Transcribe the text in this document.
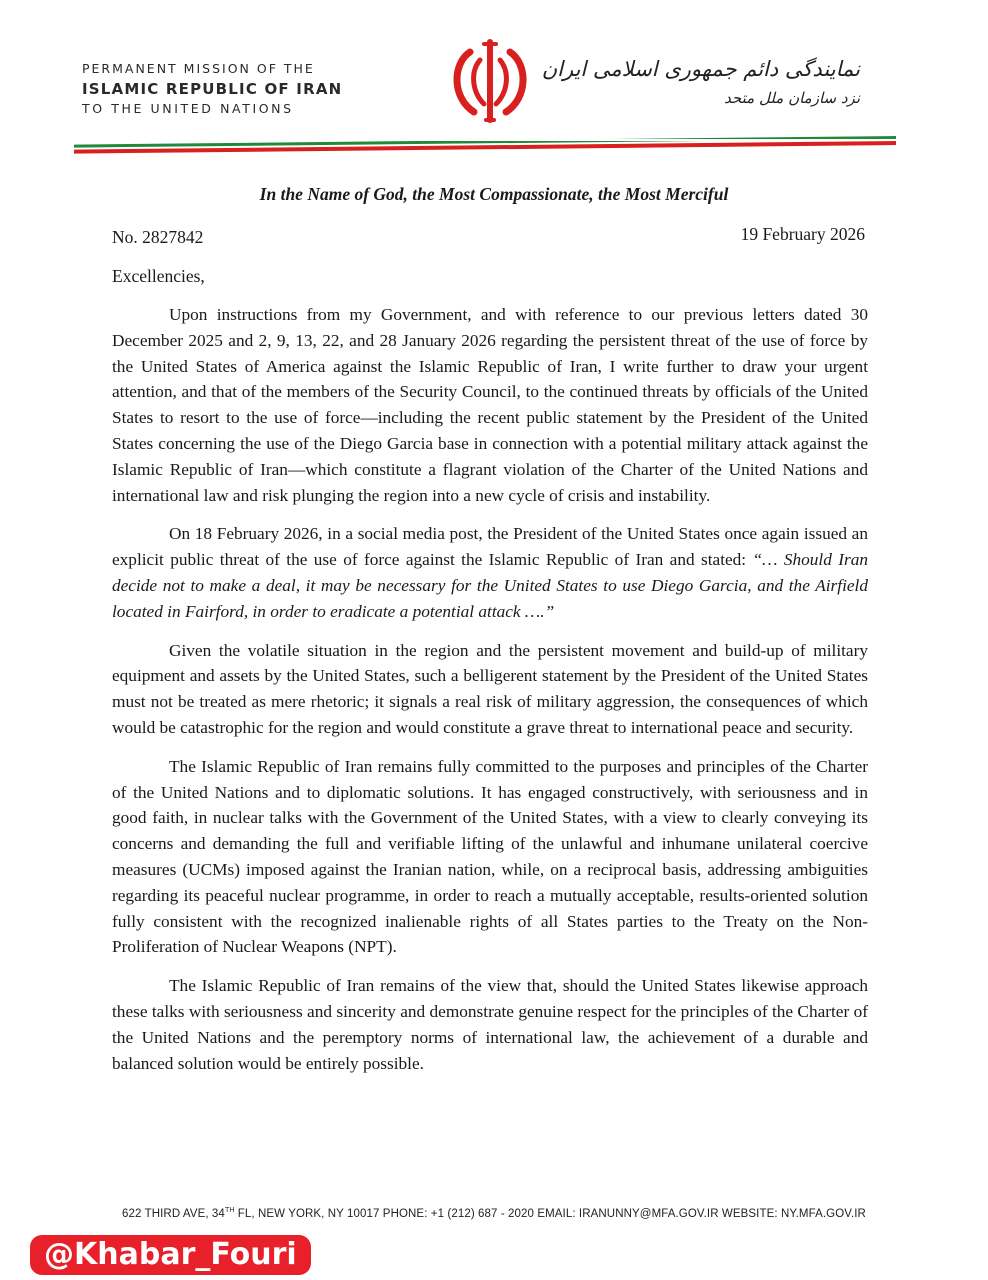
PERMANENT MISSION OF THE
ISLAMIC REPUBLIC OF IRAN
TO THE UNITED NATIONS
نمایندگی دائم جمهوری اسلامی ایران
نزد سازمان ملل متحد
In the Name of God, the Most Compassionate, the Most Merciful
No. 2827842	19 February 2026
Excellencies,

Upon instructions from my Government, and with reference to our previous letters dated 30 December 2025 and 2, 9, 13, 22, and 28 January 2026 regarding the persistent threat of the use of force by the United States of America against the Islamic Republic of Iran, I write further to draw your urgent attention, and that of the members of the Security Council, to the continued threats by officials of the United States to resort to the use of force—including the recent public statement by the President of the United States concerning the use of the Diego Garcia base in connection with a potential military attack against the Islamic Republic of Iran—which constitute a flagrant violation of the Charter of the United Nations and international law and risk plunging the region into a new cycle of crisis and instability.

On 18 February 2026, in a social media post, the President of the United States once again issued an explicit public threat of the use of force against the Islamic Republic of Iran and stated: “… Should Iran decide not to make a deal, it may be necessary for the United States to use Diego Garcia, and the Airfield located in Fairford, in order to eradicate a potential attack ….”

Given the volatile situation in the region and the persistent movement and build-up of military equipment and assets by the United States, such a belligerent statement by the President of the United States must not be treated as mere rhetoric; it signals a real risk of military aggression, the consequences of which would be catastrophic for the region and would constitute a grave threat to international peace and security.

The Islamic Republic of Iran remains fully committed to the purposes and principles of the Charter of the United Nations and to diplomatic solutions. It has engaged constructively, with seriousness and in good faith, in nuclear talks with the Government of the United States, with a view to clearly conveying its concerns and demanding the full and verifiable lifting of the unlawful and inhumane unilateral coercive measures (UCMs) imposed against the Iranian nation, while, on a reciprocal basis, addressing ambiguities regarding its peaceful nuclear programme, in order to reach a mutually acceptable, results-oriented solution fully consistent with the recognized inalienable rights of all States parties to the Treaty on the Non-Proliferation of Nuclear Weapons (NPT).

The Islamic Republic of Iran remains of the view that, should the United States likewise approach these talks with seriousness and sincerity and demonstrate genuine respect for the principles of the Charter of the United Nations and the peremptory norms of international law, the achievement of a durable and balanced solution would be entirely possible.

622 THIRD AVE, 34TH FL, NEW YORK, NY 10017 PHONE: +1 (212) 687 - 2020 EMAIL: IRANUNNY@MFA.GOV.IR WEBSITE: NY.MFA.GOV.IR
@Khabar_Fouri
